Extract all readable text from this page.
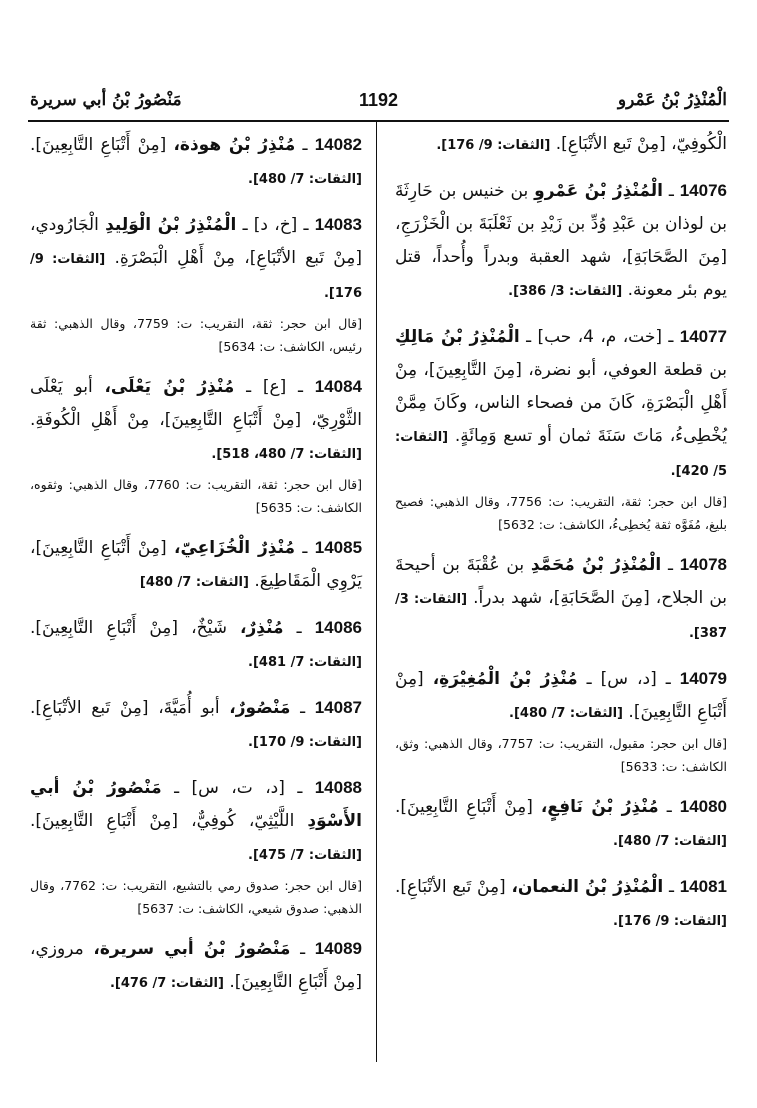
الْمُنْذِرُ بْنُ عَمْرو
1192
مَنْصُورُ بْنُ أبي سريرة
الْكُوفِيّ، [مِنْ تَبع الأتْبَاعِ]. [الثقات: 9/ 176].
14076 ـ الْمُنْذِرُ بْنُ عَمْروِ بن خنيس بن حَارِثَةَ بن لوذان بن عَبْدِ وُدِّ بن زَيْدِ بن ثَعْلَبَةَ بن الْخَزْرَجِ، [مِنَ الصَّحَابَةِ]، شهد العقبة وبدراً وأُحداً، قتل يوم بئر معونة. [الثقات: 3/ 386].
14077 ـ [خت، م، 4، حب] ـ الْمُنْذِرُ بْنُ مَالِكِ بن قطعة العوفي، أبو نضرة، [مِنَ التَّابِعِينَ]، مِنْ أَهْلِ الْبَصْرَةِ، كَانَ من فصحاء الناس، وكَانَ مِمَّنْ يُخْطِىءُ، مَاتَ سَنَةَ ثمان أو تسع وَمِائَةٍ. [الثقات: 5/ 420].
[قال ابن حجر: ثقة، التقريب: ت: 7756، وقال الذهبي: فصيح بليغ، مُفَوَّه ثقة يُخطِىءُ، الكاشف: ت: 5632]
14078 ـ الْمُنْذِرُ بْنُ مُحَمَّدِ بن عُقْبَةَ بن أحيحةَ بن الجلاح، [مِنَ الصَّحَابَةِ]، شهد بدراً. [الثقات: 3/ 387].
14079 ـ [د، س] ـ مُنْذِرُ بْنُ الْمُغِيْرَةِ، [مِنْ أَتْبَاعِ التَّابِعِينَ]. [الثقات: 7/ 480].
[قال ابن حجر: مقبول، التقريب: ت: 7757، وقال الذهبي: وثق، الكاشف: ت: 5633]
14080 ـ مُنْذِرُ بْنُ نَافِعٍ، [مِنْ أَتْبَاعِ التَّابِعِينَ]. [الثقات: 7/ 480].
14081 ـ الْمُنْذِرُ بْنُ النعمان، [مِنْ تَبع الأتْبَاعِ]. [الثقات: 9/ 176].
14082 ـ مُنْذِرُ بْنُ هوذة، [مِنْ أَتْبَاعِ التَّابِعِينَ]. [الثقات: 7/ 480].
14083 ـ [خ، د] ـ الْمُنْذِرُ بْنُ الْوَلِيدِ الْجَارُودي، [مِنْ تَبع الأتْبَاعِ]، مِنْ أَهْلِ الْبَصْرَةِ. [الثقات: 9/ 176].
[قال ابن حجر: ثقة، التقريب: ت: 7759، وقال الذهبي: ثقة رئيس، الكاشف: ت: 5634]
14084 ـ [ع] ـ مُنْذِرُ بْنُ يَعْلَى، أبو يَعْلَى الثَّوْرِيّ، [مِنْ أَتْبَاعِ التَّابِعِينَ]، مِنْ أَهْلِ الْكُوفَةِ. [الثقات: 7/ 480، 518].
[قال ابن حجر: ثقة، التقريب: ت: 7760، وقال الذهبي: وثقوه، الكاشف: ت: 5635]
14085 ـ مُنْذِرٌ الْخُزَاعِيّ، [مِنْ أَتْبَاعِ التَّابِعِينَ]، يَرْوِي الْمَقَاطِيعَ. [الثقات: 7/ 480]
14086 ـ مُنْذِرٌ، شَيْخٌ، [مِنْ أَتْبَاعِ التَّابِعِينَ]. [الثقات: 7/ 481].
14087 ـ مَنْصُورٌ، أبو أُمَيَّةَ، [مِنْ تَبع الأتْبَاعِ]. [الثقات: 9/ 170].
14088 ـ [د، ت، س] ـ مَنْصُورُ بْنُ أبي الأَسْوَدِ اللَّيْثِيّ، كُوفِيٌّ، [مِنْ أَتْبَاعِ التَّابِعِينَ]. [الثقات: 7/ 475].
[قال ابن حجر: صدوق رمي بالتشيع، التقريب: ت: 7762، وقال الذهبي: صدوق شيعي، الكاشف: ت: 5637]
14089 ـ مَنْصُورُ بْنُ أبي سريرة، مروزي، [مِنْ أَتْبَاعِ التَّابِعِينَ]. [الثقات: 7/ 476].
